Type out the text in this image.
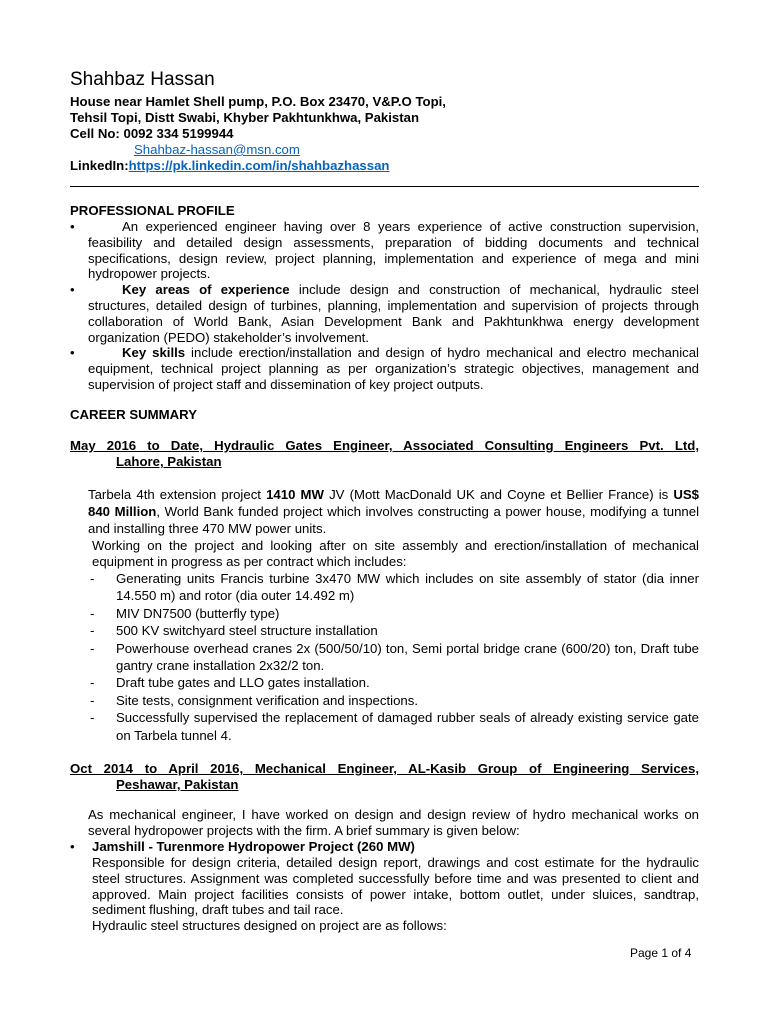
Shahbaz Hassan
House near Hamlet Shell pump, P.O. Box 23470, V&P.O Topi,
Tehsil Topi, Distt Swabi, Khyber Pakhtunkhwa, Pakistan
Cell No: 0092 334 5199944
Shahbaz-hassan@msn.com
LinkedIn:https://pk.linkedin.com/in/shahbazhassan
PROFESSIONAL PROFILE
•	An experienced engineer having over 8 years experience of active construction supervision, feasibility and detailed design assessments, preparation of bidding documents and technical specifications, design review, project planning, implementation and experience of mega and mini hydropower projects.
•	Key areas of experience include design and construction of mechanical, hydraulic steel structures, detailed design of turbines, planning, implementation and supervision of projects through collaboration of World Bank, Asian Development Bank and Pakhtunkhwa energy development organization (PEDO) stakeholder’s involvement.
•	Key skills include erection/installation and design of hydro mechanical and electro mechanical equipment, technical project planning as per organization’s strategic objectives, management and supervision of project staff and dissemination of key project outputs.
CAREER SUMMARY
May 2016 to Date, Hydraulic Gates Engineer, Associated Consulting Engineers Pvt. Ltd,
Lahore, Pakistan
Tarbela 4th extension project 1410 MW JV (Mott MacDonald UK and Coyne et Bellier France) is US$ 840 Million, World Bank funded project which involves constructing a power house, modifying a tunnel and installing three 470 MW power units.
Working on the project and looking after on site assembly and erection/installation of mechanical equipment in progress as per contract which includes:
- Generating units Francis turbine 3x470 MW which includes on site assembly of stator (dia inner 14.550 m) and rotor (dia outer 14.492 m)
- MIV DN7500 (butterfly type)
- 500 KV switchyard steel structure installation
- Powerhouse overhead cranes 2x (500/50/10) ton, Semi portal bridge crane (600/20) ton, Draft tube gantry crane installation 2x32/2 ton.
- Draft tube gates and LLO gates installation.
- Site tests, consignment verification and inspections.
- Successfully supervised the replacement of damaged rubber seals of already existing service gate on Tarbela tunnel 4.
Oct 2014 to April 2016, Mechanical Engineer, AL-Kasib Group of Engineering Services,
Peshawar, Pakistan
As mechanical engineer, I have worked on design and design review of hydro mechanical works on several hydropower projects with the firm. A brief summary is given below:
•	Jamshill - Turenmore Hydropower Project (260 MW)
Responsible for design criteria, detailed design report, drawings and cost estimate for the hydraulic steel structures. Assignment was completed successfully before time and was presented to client and approved. Main project facilities consists of power intake, bottom outlet, under sluices, sandtrap, sediment flushing, draft tubes and tail race.
Hydraulic steel structures designed on project are as follows:
Page 1 of 4
